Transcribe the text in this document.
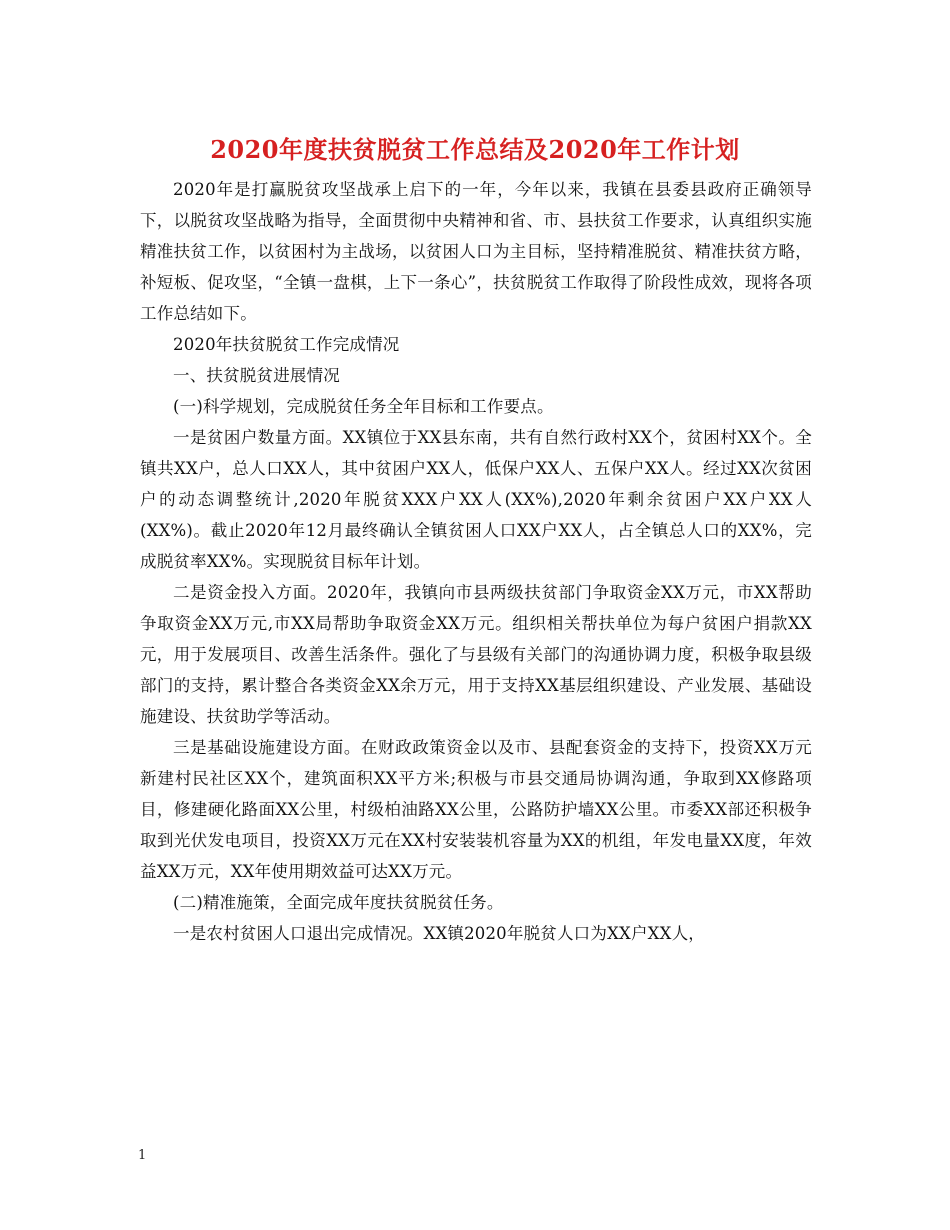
2020年度扶贫脱贫工作总结及2020年工作计划

2020年是打赢脱贫攻坚战承上启下的一年，今年以来，我镇在县委县政府正确领导下，以脱贫攻坚战略为指导，全面贯彻中央精神和省、市、县扶贫工作要求，认真组织实施精准扶贫工作，以贫困村为主战场，以贫困人口为主目标，坚持精准脱贫、精准扶贫方略，补短板、促攻坚，“全镇一盘棋，上下一条心”，扶贫脱贫工作取得了阶段性成效，现将各项工作总结如下。

2020年扶贫脱贫工作完成情况

一、扶贫脱贫进展情况

(一)科学规划，完成脱贫任务全年目标和工作要点。

一是贫困户数量方面。XX镇位于XX县东南，共有自然行政村XX个，贫困村XX个。全镇共XX户，总人口XX人，其中贫困户XX人，低保户XX人、五保户XX人。经过XX次贫困户的动态调整统计,2020年脱贫XXX户XX人(XX%),2020年剩余贫困户XX户XX人(XX%)。截止2020年12月最终确认全镇贫困人口XX户XX人，占全镇总人口的XX%，完成脱贫率XX%。实现脱贫目标年计划。

二是资金投入方面。2020年，我镇向市县两级扶贫部门争取资金XX万元，市XX帮助争取资金XX万元,市XX局帮助争取资金XX万元。组织相关帮扶单位为每户贫困户捐款XX元，用于发展项目、改善生活条件。强化了与县级有关部门的沟通协调力度，积极争取县级部门的支持，累计整合各类资金XX余万元，用于支持XX基层组织建设、产业发展、基础设施建设、扶贫助学等活动。

三是基础设施建设方面。在财政政策资金以及市、县配套资金的支持下，投资XX万元新建村民社区XX个，建筑面积XX平方米;积极与市县交通局协调沟通，争取到XX修路项目，修建硬化路面XX公里，村级柏油路XX公里，公路防护墙XX公里。市委XX部还积极争取到光伏发电项目，投资XX万元在XX村安装装机容量为XX的机组，年发电量XX度，年效益XX万元，XX年使用期效益可达XX万元。

(二)精准施策，全面完成年度扶贫脱贫任务。

一是农村贫困人口退出完成情况。XX镇2020年脱贫人口为XX户XX人，

1
